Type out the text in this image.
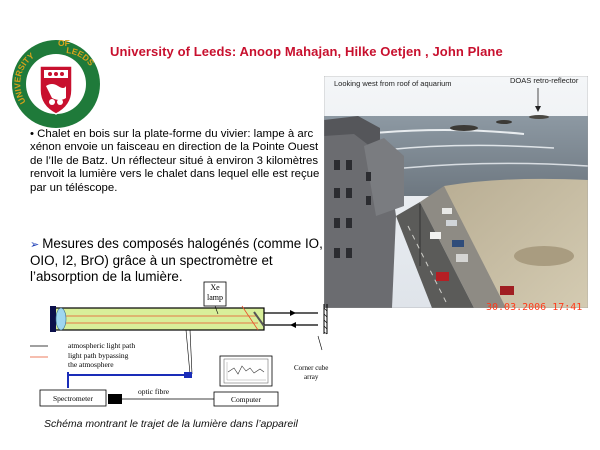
University of Leeds: Anoop Mahajan, Hilke Oetjen , John Plane
UNIVERSITY
OF
LEEDS
• Chalet en bois sur la plate-forme du vivier: lampe à arc xénon envoie un faisceau en direction de la Pointe Ouest de l’Ile de Batz. Un réflecteur situé à environ 3 kilomètres renvoit la lumière vers le chalet dans lequel elle est reçue par un téléscope.
➢ Mesures des composés halogénés (comme IO, OIO, I2, BrO) grâce à un spectromètre et l’absorption de la lumière.
Looking west from roof of aquarium	DOAS retro-reflector
30.03.2006 17:41
Xe
lamp
atmospheric light path
light path bypassing
the atmosphere
optic fibre
Spectrometer	Computer
Corner cube
array
Schéma montrant le trajet de la lumière dans l’appareil
